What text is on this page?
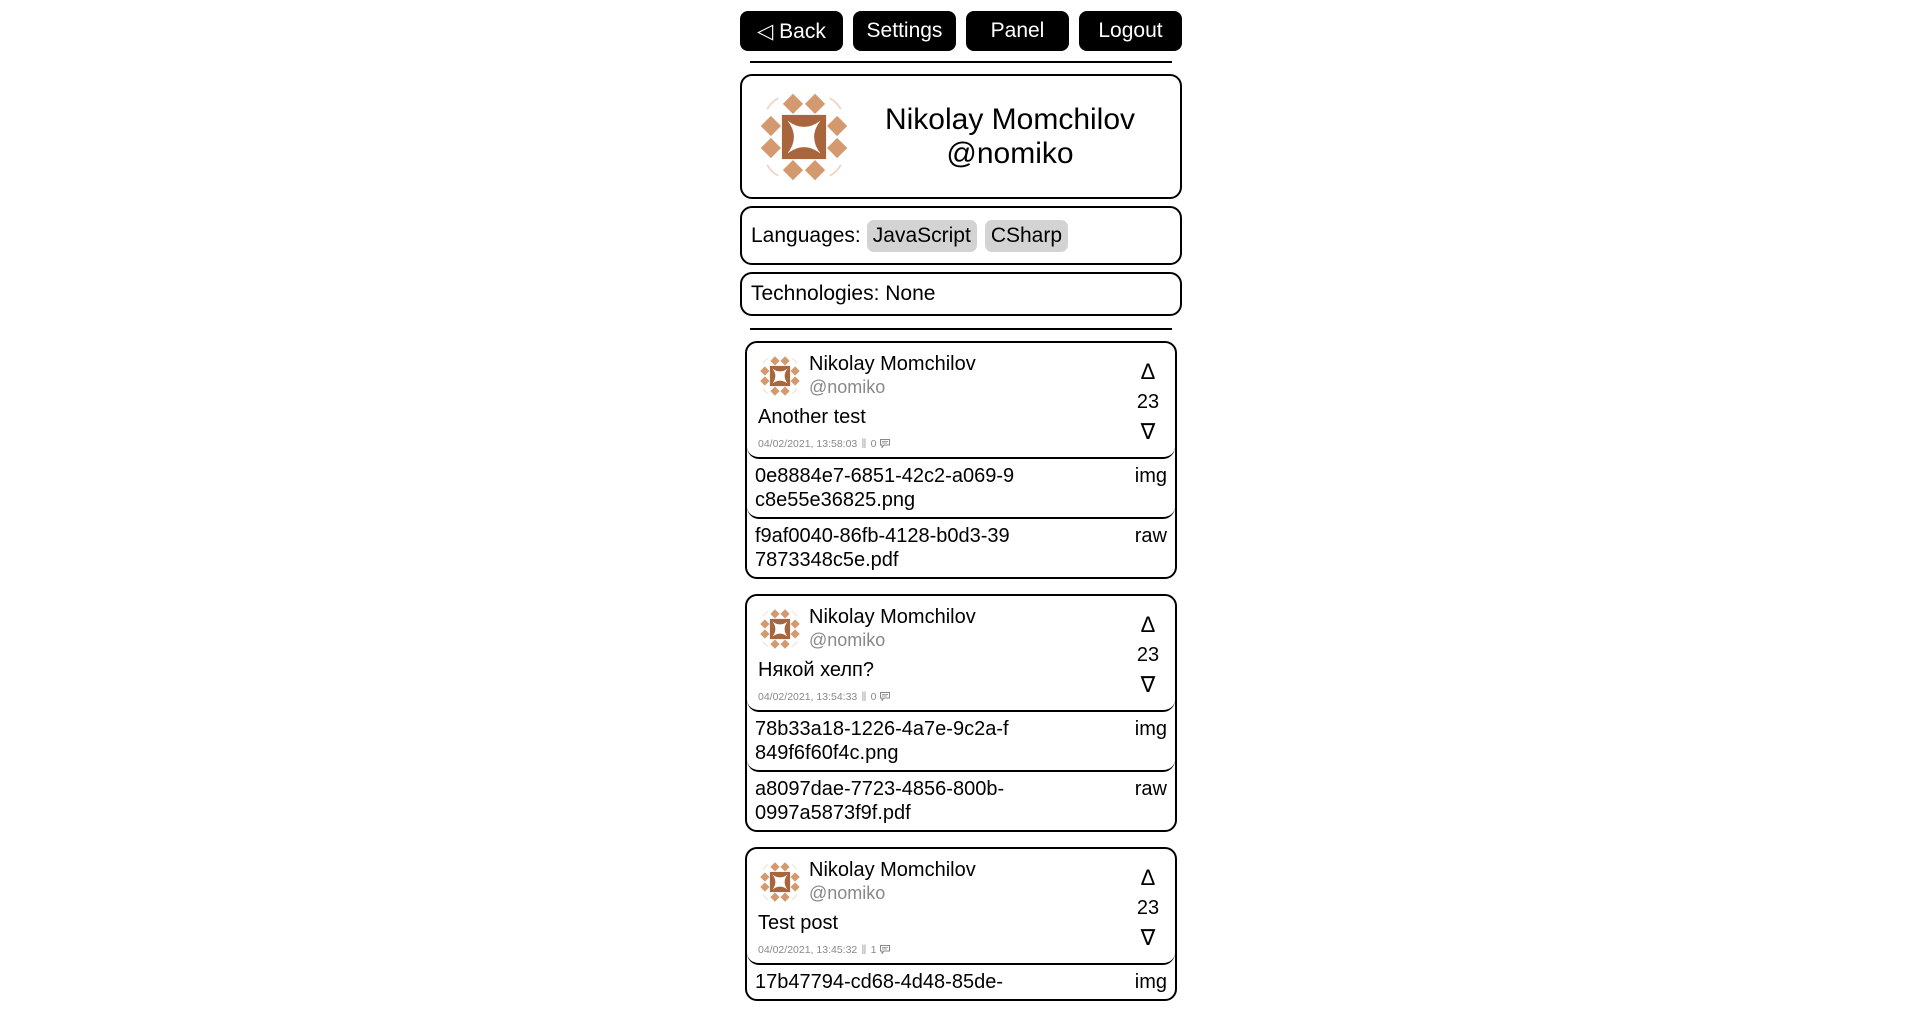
◁ Back	Settings	Panel	Logout
Nikolay Momchilov
@nomiko
Languages: JavaScript CSharp
Technologies: None
Nikolay Momchilov
@nomiko
Another test
04/02/2021, 13:58:03 ‖ 0
Δ
23
∇
0e8884e7-6851-42c2-a069-9c8e55e36825.png
img
f9af0040-86fb-4128-b0d3-397873348c5e.pdf
raw
Nikolay Momchilov
@nomiko
Някой хелп?
04/02/2021, 13:54:33 ‖ 0
Δ
23
∇
78b33a18-1226-4a7e-9c2a-f849f6f60f4c.png
img
a8097dae-7723-4856-800b-0997a5873f9f.pdf
raw
Nikolay Momchilov
@nomiko
Test post
04/02/2021, 13:45:32 ‖ 1
Δ
23
∇
17b47794-cd68-4d48-85de-	img
